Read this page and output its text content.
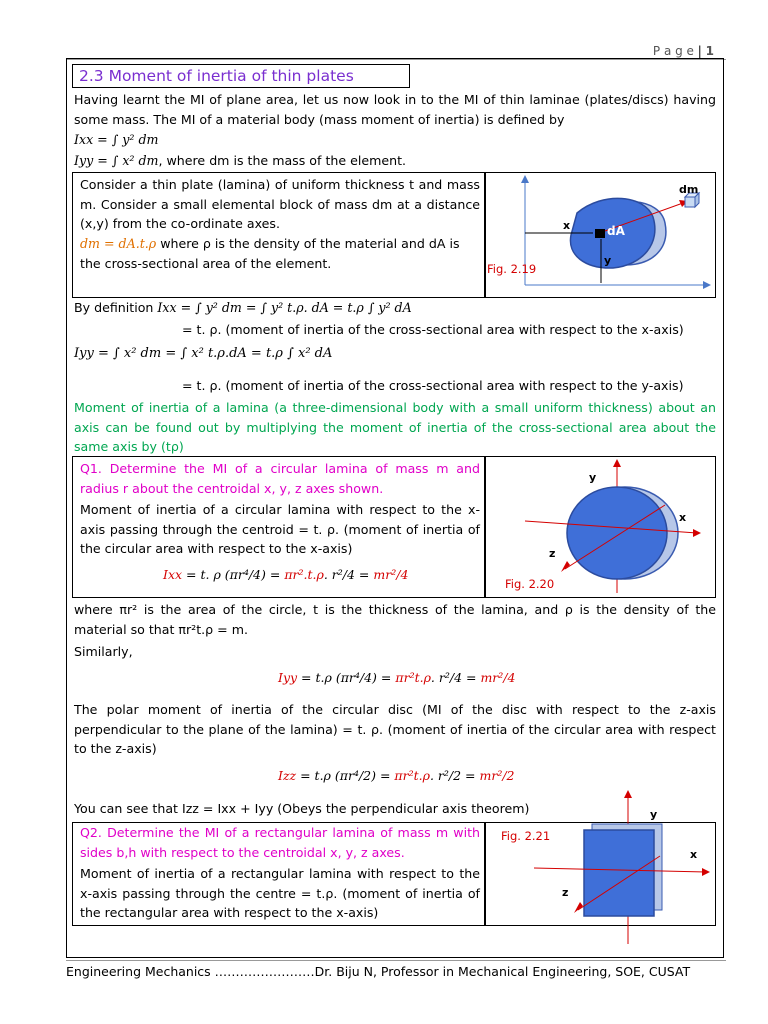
P a g e | 1
2.3 Moment of inertia of thin plates
Having learnt the MI of plane area, let us now look in to the MI of thin laminae (plates/discs) having some mass. The MI of a material body (mass moment of inertia) is defined by
Ixx = ∫ y² dm
Iyy = ∫ x² dm, where dm is the mass of the element.
Consider a thin plate (lamina) of uniform thickness t and mass m. Consider a small elemental block of mass dm at a distance (x,y) from the co-ordinate axes.
dm = dA.t.ρ where ρ is the density of the material and dA is the cross-sectional area of the element.
dm
dA
x
y
Fig. 2.19
By definition Ixx = ∫ y² dm = ∫ y² t.ρ. dA = t.ρ ∫ y² dA
= t. ρ. (moment of inertia of the cross-sectional area with respect to the x-axis)
Iyy = ∫ x² dm = ∫ x² t.ρ.dA = t.ρ ∫ x² dA
= t. ρ. (moment of inertia of the cross-sectional area with respect to the y-axis)
Moment of inertia of a lamina (a three-dimensional body with a small uniform thickness) about an axis can be found out by multiplying the moment of inertia of the cross-sectional area about the same axis by (tρ)
Q1. Determine the MI of a circular lamina of mass m and radius r about the centroidal x, y, z axes shown.
Moment of inertia of a circular lamina with respect to the x-axis passing through the centroid = t. ρ. (moment of inertia of the circular area with respect to the x-axis)
Ixx = t. ρ (πr⁴/4) = πr².t.ρ. r²/4 = mr²/4
y
x
z
Fig. 2.20
where πr² is the area of the circle, t is the thickness of the lamina, and ρ is the density of the material so that πr²t.ρ = m.
Similarly,
Iyy = t.ρ (πr⁴/4) = πr²t.ρ. r²/4 = mr²/4
The polar moment of inertia of the circular disc (MI of the disc with respect to the z-axis perpendicular to the plane of the lamina) = t. ρ. (moment of inertia of the circular area with respect to the z-axis)
Izz = t.ρ (πr⁴/2) = πr²t.ρ. r²/2 = mr²/2
You can see that Izz = Ixx + Iyy (Obeys the perpendicular axis theorem)
Q2. Determine the MI of a rectangular lamina of mass m with sides b,h with respect to the centroidal x, y, z axes.
Moment of inertia of a rectangular lamina with respect to the x-axis passing through the centre = t.ρ. (moment of inertia of the rectangular area with respect to the x-axis)
Fig. 2.21
y
x
z
Engineering Mechanics ……………………Dr. Biju N, Professor in Mechanical Engineering, SOE, CUSAT
